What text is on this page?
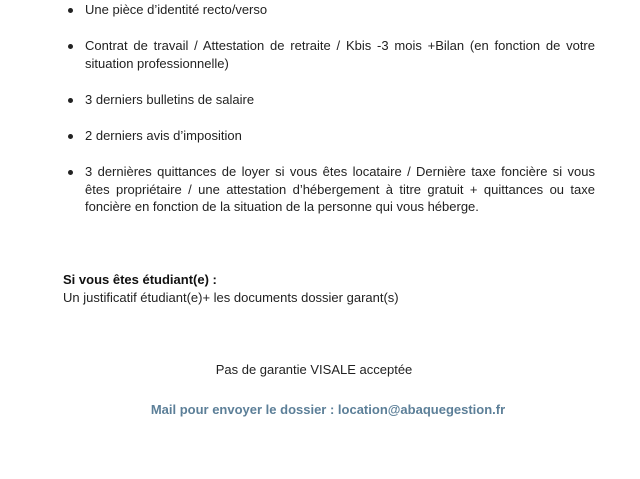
Une pièce d’identité recto/verso
Contrat de travail / Attestation de retraite / Kbis -3 mois +Bilan (en fonction de votre situation professionnelle)
3 derniers bulletins de salaire
2 derniers avis d’imposition
3 dernières quittances de loyer si vous êtes locataire / Dernière taxe foncière si vous êtes propriétaire / une attestation d’hébergement à titre gratuit + quittances ou taxe foncière en fonction de la situation de la personne qui vous héberge.
Si vous êtes étudiant(e) :
Un justificatif étudiant(e)+ les documents dossier garant(s)
Pas de garantie VISALE acceptée
Mail pour envoyer le dossier : location@abaquegestion.fr
